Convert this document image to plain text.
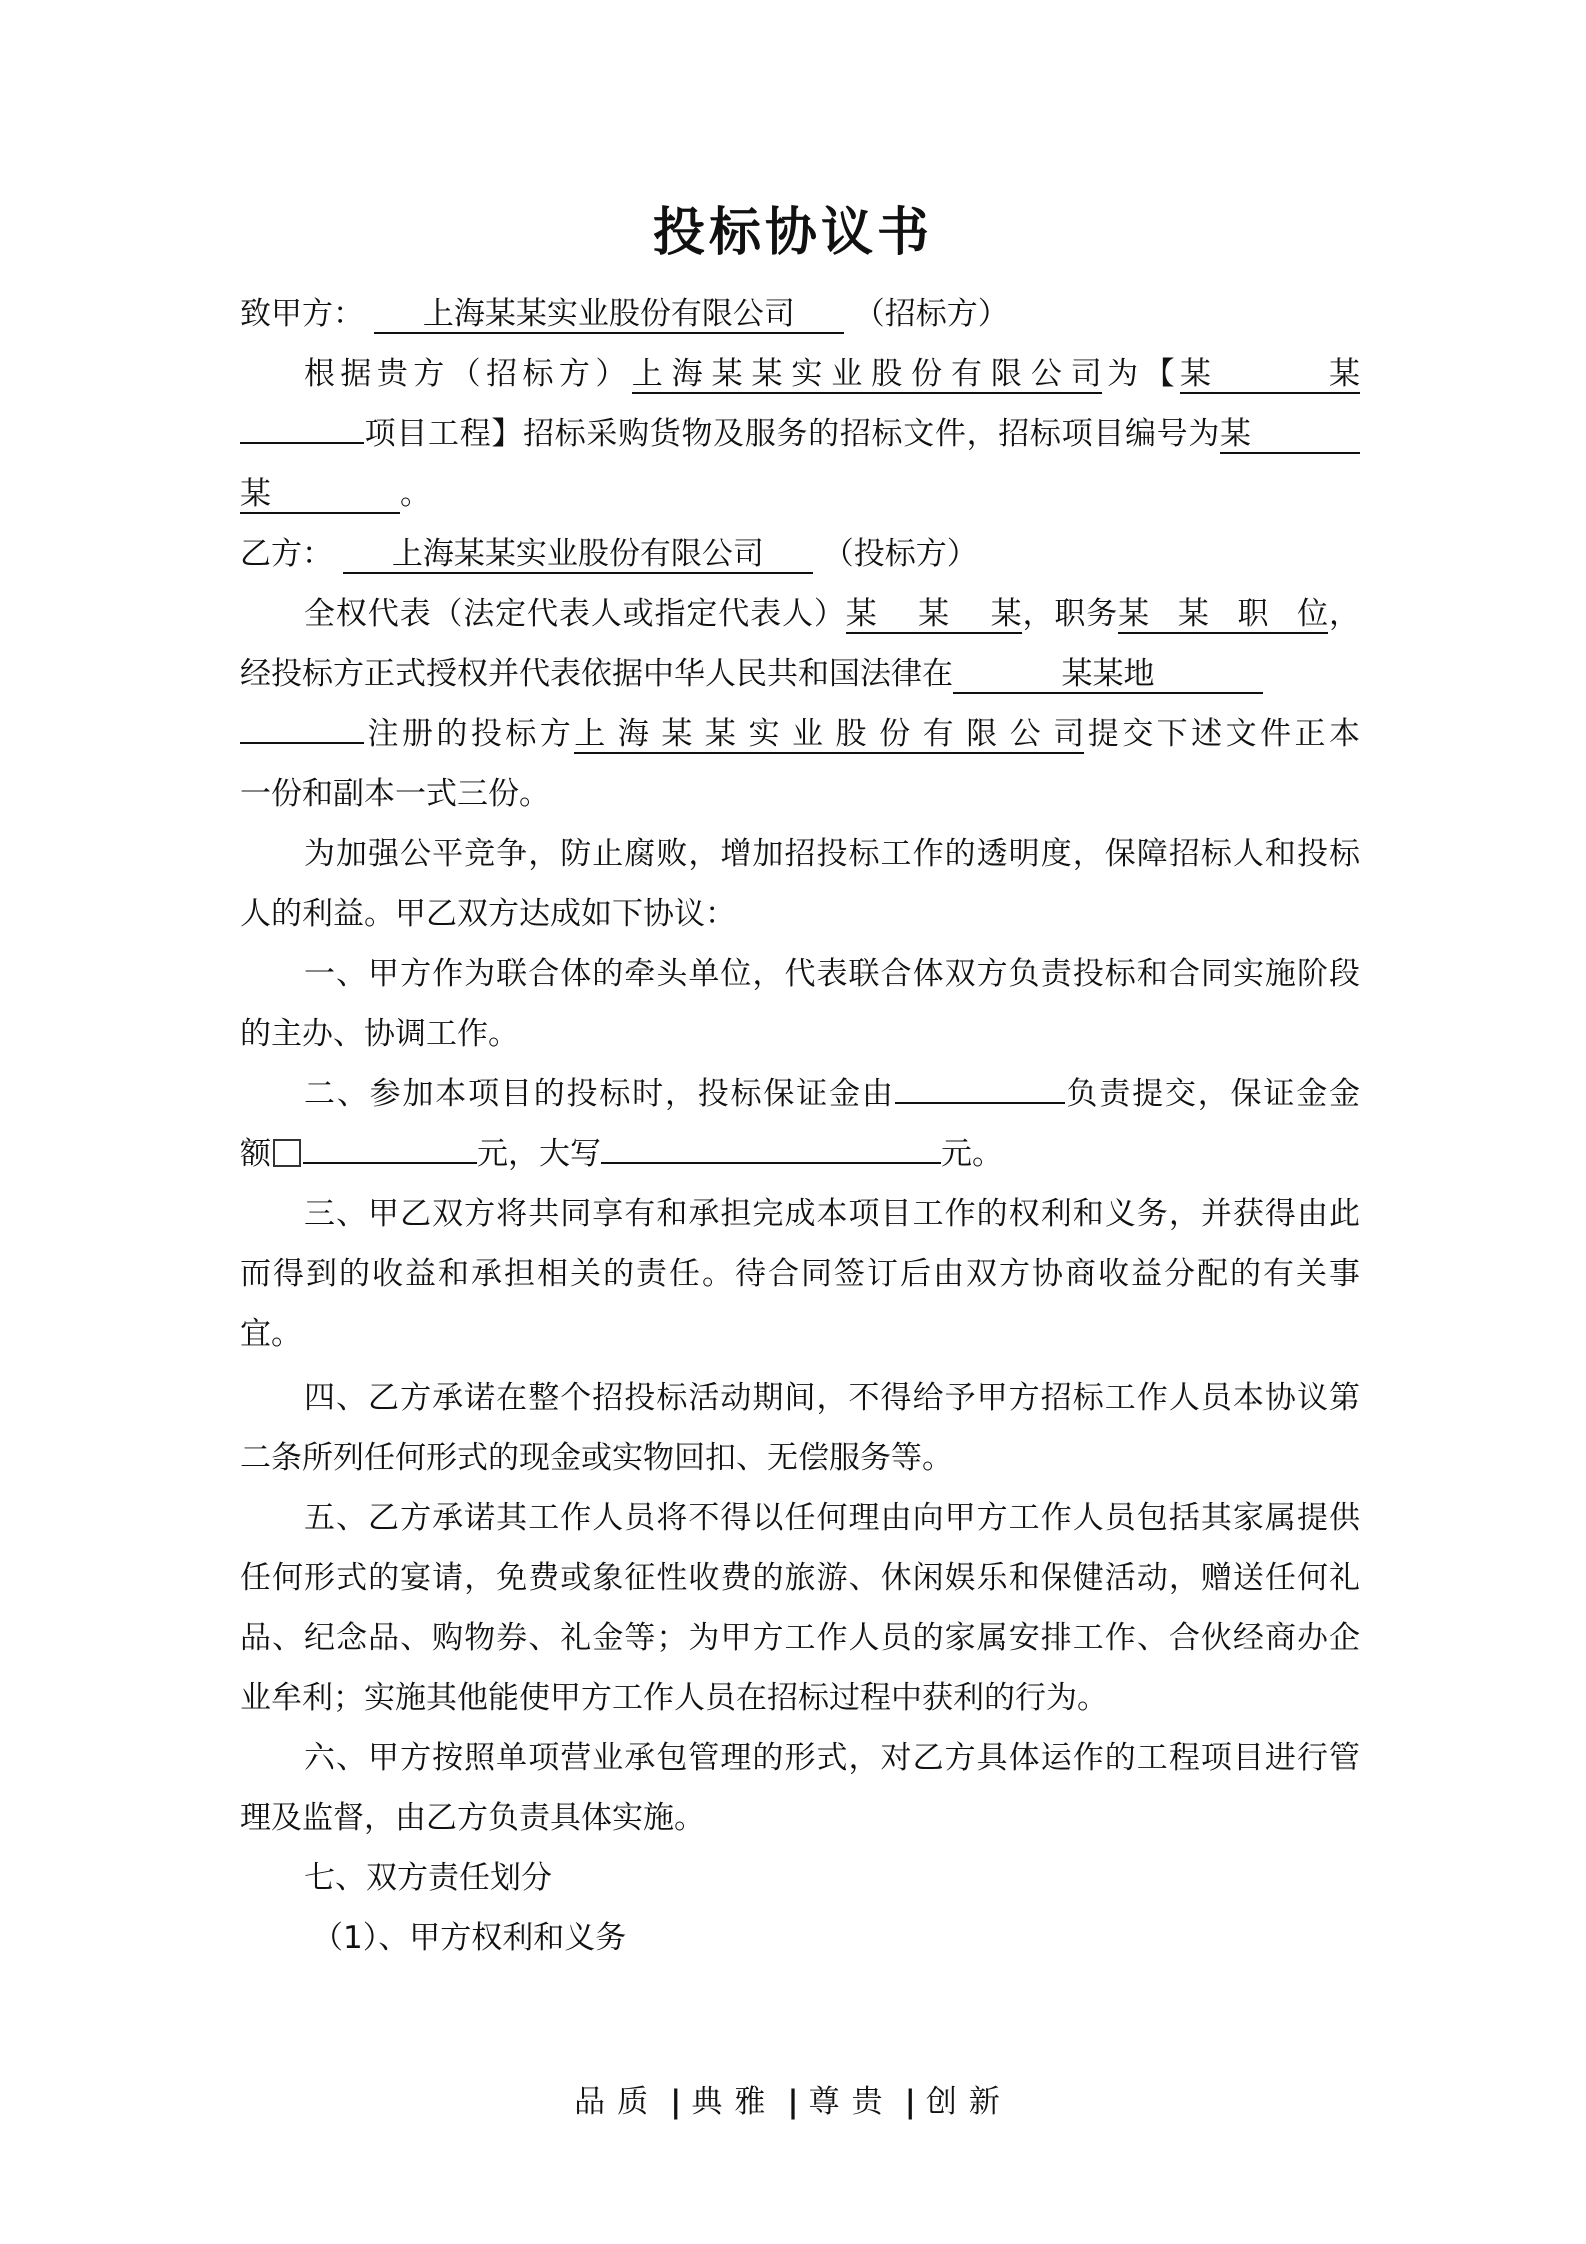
投标协议书
致甲方： 上海某某实业股份有限公司 （招标方）
根据贵方（招标方）上海某某实业股份有限公司为【某某
项目工程】招标采购货物及服务的招标文件，招标项目编号为某
某	。
乙方： 上海某某实业股份有限公司 （投标方）
全权代表（法定代表人或指定代表人）某某某，职务某某职位，
经投标方正式授权并代表依据中华人民共和国法律在	某某地
注册的投标方上海某某实业股份有限公司提交下述文件正本
一份和副本一式三份。
为加强公平竞争，防止腐败，增加招投标工作的透明度，保障招标人和投标
人的利益。甲乙双方达成如下协议：
一、甲方作为联合体的牵头单位，代表联合体双方负责投标和合同实施阶段
的主办、协调工作。
二、参加本项目的投标时，投标保证金由	负责提交，保证金金
额	元，大写	元。
三、甲乙双方将共同享有和承担完成本项目工作的权利和义务，并获得由此
而得到的收益和承担相关的责任。待合同签订后由双方协商收益分配的有关事
宜。
四、乙方承诺在整个招投标活动期间，不得给予甲方招标工作人员本协议第
二条所列任何形式的现金或实物回扣、无偿服务等。
五、乙方承诺其工作人员将不得以任何理由向甲方工作人员包括其家属提供
任何形式的宴请，免费或象征性收费的旅游、休闲娱乐和保健活动，赠送任何礼
品、纪念品、购物券、礼金等；为甲方工作人员的家属安排工作、合伙经商办企
业牟利；实施其他能使甲方工作人员在招标过程中获利的行为。
六、甲方按照单项营业承包管理的形式，对乙方具体运作的工程项目进行管
理及监督，由乙方负责具体实施。
七、双方责任划分
（1）、甲方权利和义务
品质 | 典雅 | 尊贵 | 创新
